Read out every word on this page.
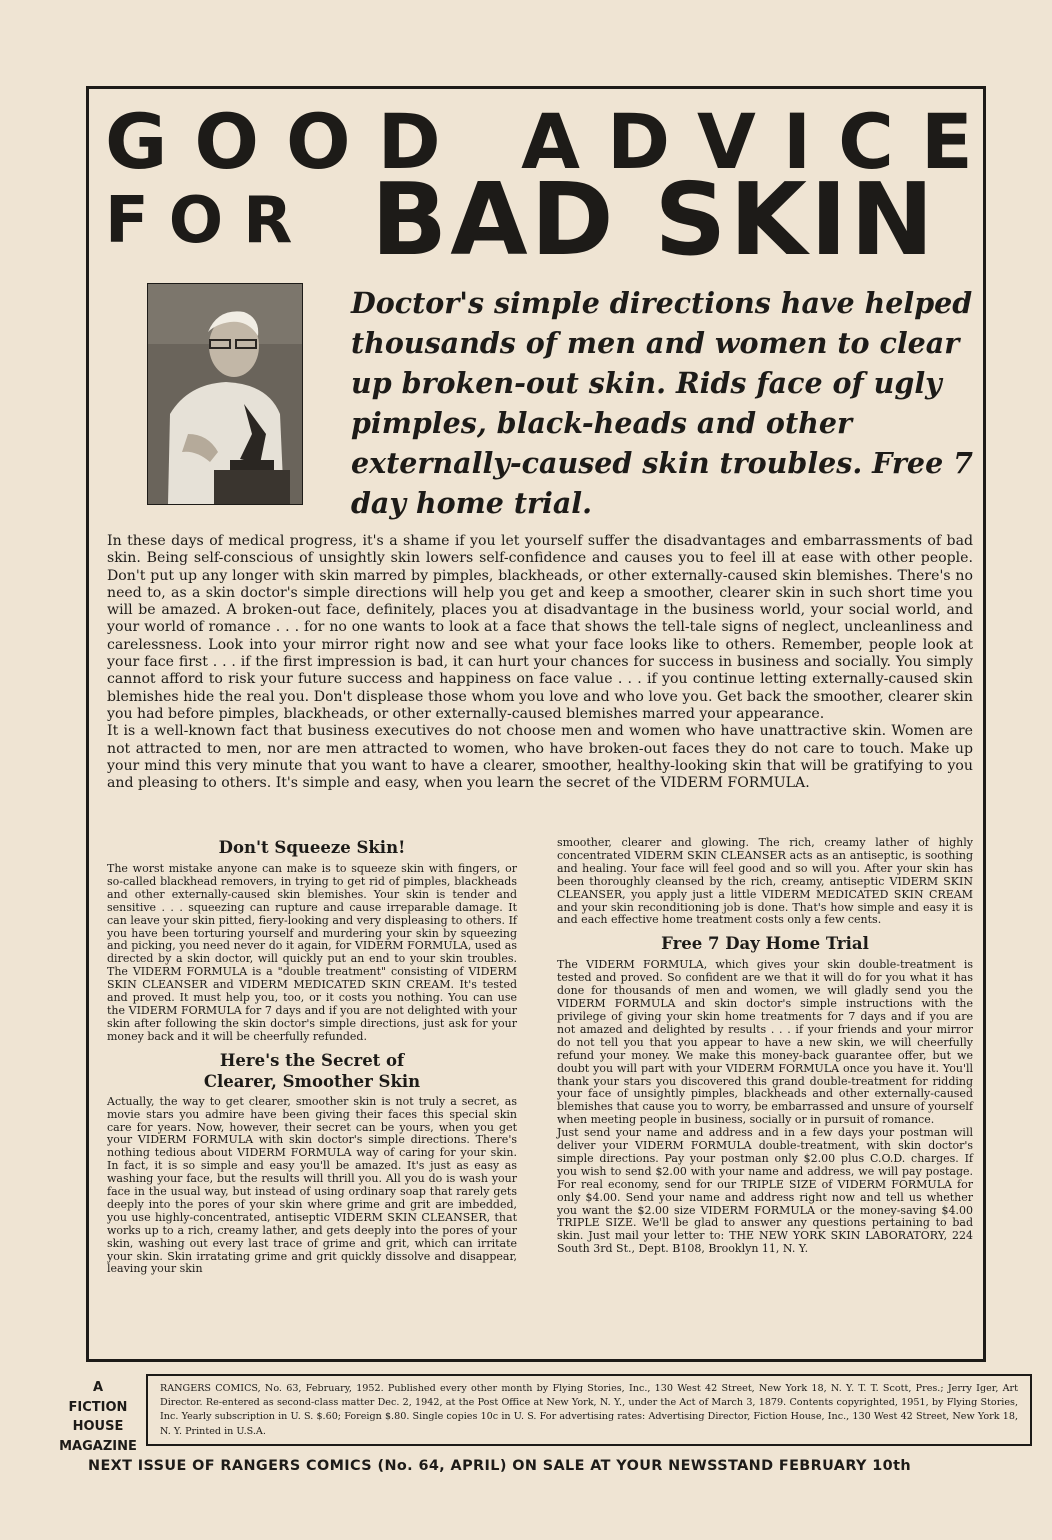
GOOD ADVICE
FOR BAD SKIN

Doctor's simple directions have helped thousands of men and women to clear up broken-out skin. Rids face of ugly pimples, black-heads and other externally-caused skin troubles. Free 7 day home trial.

In these days of medical progress, it's a shame if you let yourself suffer the disadvantages and embarrassments of bad skin. Being self-conscious of unsightly skin lowers self-confidence and causes you to feel ill at ease with other people. Don't put up any longer with skin marred by pimples, blackheads, or other externally-caused skin blemishes. There's no need to, as a skin doctor's simple directions will help you get and keep a smoother, clearer skin in such short time you will be amazed. A broken-out face, definitely, places you at disadvantage in the business world, your social world, and your world of romance . . . for no one wants to look at a face that shows the tell-tale signs of neglect, uncleanliness and carelessness. Look into your mirror right now and see what your face looks like to others. Remember, people look at your face first . . . if the first impression is bad, it can hurt your chances for success in business and socially. You simply cannot afford to risk your future success and happiness on face value . . . if you continue letting externally-caused skin blemishes hide the real you. Don't displease those whom you love and who love you. Get back the smoother, clearer skin you had before pimples, blackheads, or other externally-caused blemishes marred your appearance.
It is a well-known fact that business executives do not choose men and women who have unattractive skin. Women are not attracted to men, nor are men attracted to women, who have broken-out faces they do not care to touch. Make up your mind this very minute that you want to have a clearer, smoother, healthy-looking skin that will be gratifying to you and pleasing to others. It's simple and easy, when you learn the secret of the VIDERM FORMULA.
Don't Squeeze Skin!

The worst mistake anyone can make is to squeeze skin with fingers, or so-called blackhead removers, in trying to get rid of pimples, blackheads and other externally-caused skin blemishes. Your skin is tender and sensitive . . . squeezing can rupture and cause irreparable damage. It can leave your skin pitted, fiery-looking and very displeasing to others. If you have been torturing yourself and murdering your skin by squeezing and picking, you need never do it again, for VIDERM FORMULA, used as directed by a skin doctor, will quickly put an end to your skin troubles. The VIDERM FORMULA is a "double treatment" consisting of VIDERM SKIN CLEANSER and VIDERM MEDICATED SKIN CREAM. It's tested and proved. It must help you, too, or it costs you nothing. You can use the VIDERM FORMULA for 7 days and if you are not delighted with your skin after following the skin doctor's simple directions, just ask for your money back and it will be cheerfully refunded.

Here's the Secret of
Clearer, Smoother Skin

Actually, the way to get clearer, smoother skin is not truly a secret, as movie stars you admire have been giving their faces this special skin care for years. Now, however, their secret can be yours, when you get your VIDERM FORMULA with skin doctor's simple directions. There's nothing tedious about VIDERM FORMULA way of caring for your skin. In fact, it is so simple and easy you'll be amazed. It's just as easy as washing your face, but the results will thrill you. All you do is wash your face in the usual way, but instead of using ordinary soap that rarely gets deeply into the pores of your skin where grime and grit are imbedded, you use highly-concentrated, antiseptic VIDERM SKIN CLEANSER, that works up to a rich, creamy lather, and gets deeply into the pores of your skin, washing out every last trace of grime and grit, which can irritate your skin. Skin irratating grime and grit quickly dissolve and disappear, leaving your skin

smoother, clearer and glowing. The rich, creamy lather of highly concentrated VIDERM SKIN CLEANSER acts as an antiseptic, is soothing and healing. Your face will feel good and so will you. After your skin has been thoroughly cleansed by the rich, creamy, antiseptic VIDERM SKIN CLEANSER, you apply just a little VIDERM MEDICATED SKIN CREAM and your skin reconditioning job is done. That's how simple and easy it is and each effective home treatment costs only a few cents.

Free 7 Day Home Trial

The VIDERM FORMULA, which gives your skin double-treatment is tested and proved. So confident are we that it will do for you what it has done for thousands of men and women, we will gladly send you the VIDERM FORMULA and skin doctor's simple instructions with the privilege of giving your skin home treatments for 7 days and if you are not amazed and delighted by results . . . if your friends and your mirror do not tell you that you appear to have a new skin, we will cheerfully refund your money. We make this money-back guarantee offer, but we doubt you will part with your VIDERM FORMULA once you have it. You'll thank your stars you discovered this grand double-treatment for ridding your face of unsightly pimples, blackheads and other externally-caused blemishes that cause you to worry, be embarrassed and unsure of yourself when meeting people in business, socially or in pursuit of romance.

Just send your name and address and in a few days your postman will deliver your VIDERM FORMULA double-treatment, with skin doctor's simple directions. Pay your postman only $2.00 plus C.O.D. charges. If you wish to send $2.00 with your name and address, we will pay postage. For real economy, send for our TRIPLE SIZE of VIDERM FORMULA for only $4.00. Send your name and address right now and tell us whether you want the $2.00 size VIDERM FORMULA or the money-saving $4.00 TRIPLE SIZE. We'll be glad to answer any questions pertaining to bad skin. Just mail your letter to: THE NEW YORK SKIN LABORATORY, 224 South 3rd St., Dept. B108, Brooklyn 11, N. Y.

A
FICTION
HOUSE
MAGAZINE

RANGERS COMICS, No. 63, February, 1952. Published every other month by Flying Stories, Inc., 130 West 42 Street, New York 18, N. Y. T. T. Scott, Pres.; Jerry Iger, Art Director. Re-entered as second-class matter Dec. 2, 1942, at the Post Office at New York, N. Y., under the Act of March 3, 1879. Contents copyrighted, 1951, by Flying Stories, Inc. Yearly subscription in U. S. $.60; Foreign $.80. Single copies 10c in U. S. For advertising rates: Advertising Director, Fiction House, Inc., 130 West 42 Street, New York 18, N. Y. Printed in U.S.A.

NEXT ISSUE OF RANGERS COMICS (No. 64, APRIL) ON SALE AT YOUR NEWSSTAND FEBRUARY 10th
